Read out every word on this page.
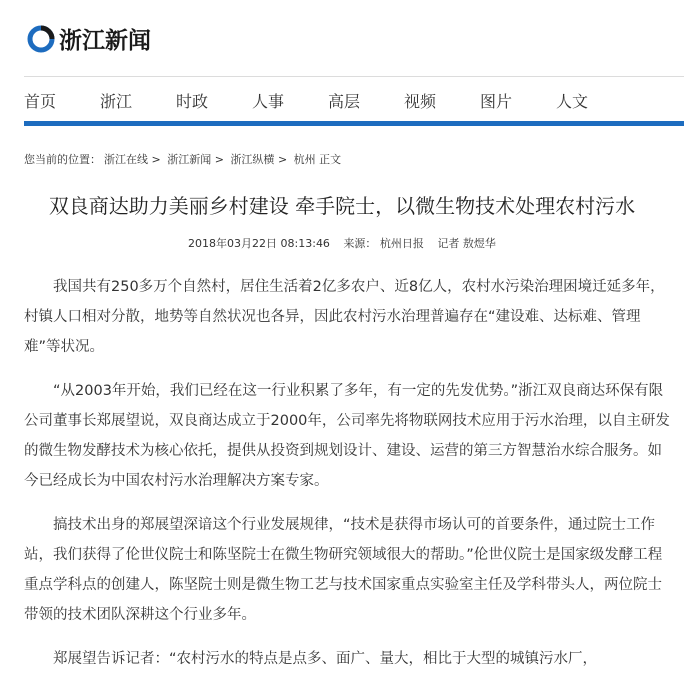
浙江新闻
首页	浙江	时政	人事	高层	视频	图片	人文
您当前的位置： 浙江在线 > 浙江新闻 > 浙江纵横 > 杭州 正文
双良商达助力美丽乡村建设 牵手院士，以微生物技术处理农村污水
2018年03月22日 08:13:46 来源： 杭州日报 记者 敖煜华

我国共有250多万个自然村，居住生活着2亿多农户、近8亿人，农村水污染治理困境迁延多年，村镇人口相对分散，地势等自然状况也各异，因此农村污水治理普遍存在“建设难、达标难、管理难”等状况。

“从2003年开始，我们已经在这一行业积累了多年，有一定的先发优势。”浙江双良商达环保有限公司董事长郑展望说，双良商达成立于2000年，公司率先将物联网技术应用于污水治理，以自主研发的微生物发酵技术为核心依托，提供从投资到规划设计、建设、运营的第三方智慧治水综合服务。如今已经成长为中国农村污水治理解决方案专家。

搞技术出身的郑展望深谙这个行业发展规律，“技术是获得市场认可的首要条件，通过院士工作站，我们获得了伦世仪院士和陈坚院士在微生物研究领域很大的帮助。”伦世仪院士是国家级发酵工程重点学科点的创建人，陈坚院士则是微生物工艺与技术国家重点实验室主任及学科带头人，两位院士带领的技术团队深耕这个行业多年。

郑展望告诉记者：“农村污水的特点是点多、面广、量大，相比于大型的城镇污水厂，
